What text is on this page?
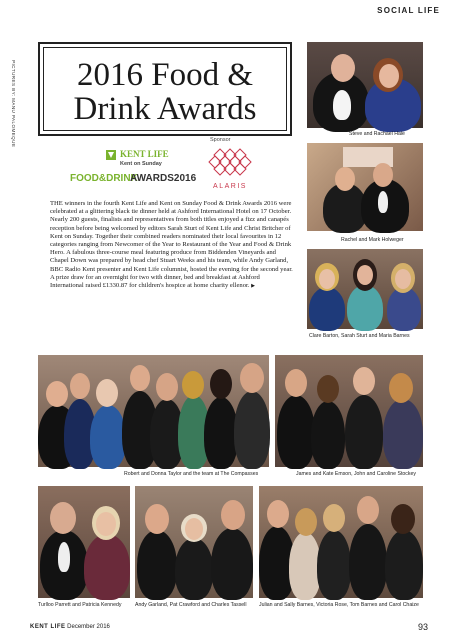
SOCIAL LIFE
PICTURES BY: MANU PALOMEQUE	2016 Food &
Drink Awards
Sponsor
KENT LIFE
Kent on Sunday
FOOD&DRINK
AWARDS2016
ALARIS
THE winners in the fourth Kent Life and Kent on Sunday Food & Drink Awards 2016 were celebrated at a glittering black tie dinner held at Ashford International Hotel on 17 October. Nearly 200 guests, finalists and representatives from both titles enjoyed a fizz and canapés reception before being welcomed by editors Sarah Sturt of Kent Life and Christ Britcher of Kent on Sunday. Together their combined readers nominated their local favourites in 12 categories ranging from Newcomer of the Year to Restaurant of the Year and Food & Drink Hero. A fabulous three-course meal featuring produce from Biddenden Vineyards and Chapel Down was prepared by head chef Stuart Weeks and his team, while Andy Garland, BBC Radio Kent presenter and Kent Life columnist, hosted the evening for the second year. A prize draw for an overnight for two with dinner, bed and breakfast at Ashford International raised £1330.87 for children's hospice at home charity ellenor. ▶
Steve and Rachael Hale
Rachel and Mark Holweger
Clare Barton, Sarah Sturt and Maria Barnes
Robert and Donna Taylor and the team at The Compasses	James and Kate Emson, John and Caroline Stockey
Turlloo Parrett and Patricia Kennedy	Andy Garland, Pat Crawford and Charles Tassell Julian and Sally Barnes, Victoria Rose, Tom Barnes and Carol Chaize
KENT LIFE December 2016	93
